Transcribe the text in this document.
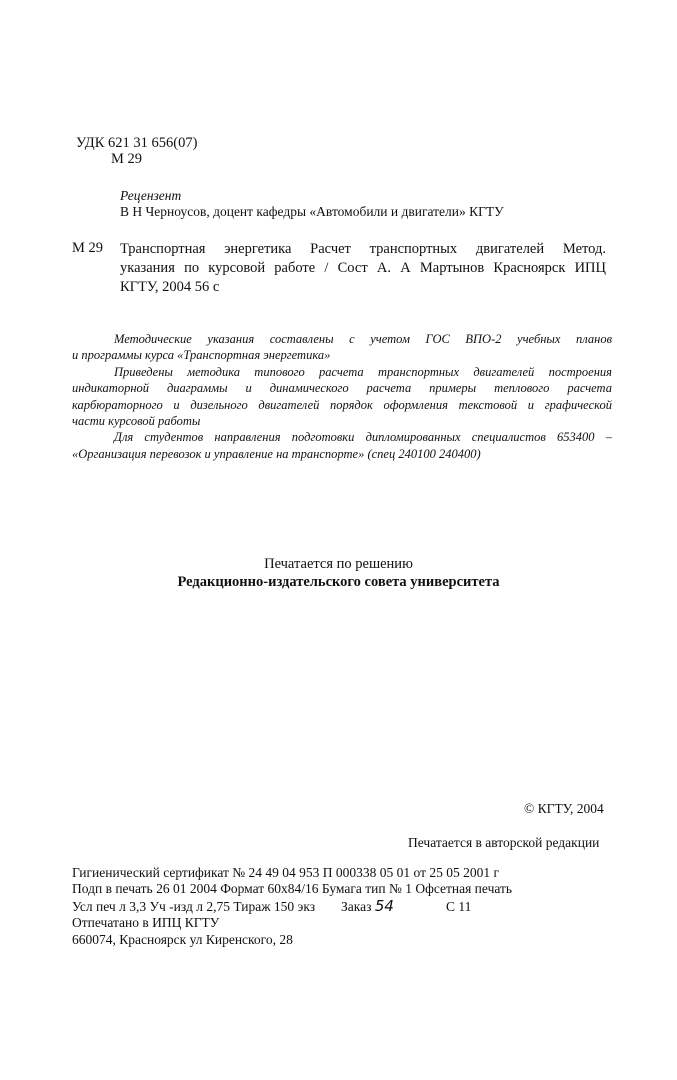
УДК 621 31 656(07)
М 29
Рецензент
В Н Черноусов, доцент кафедры «Автомобили и двигатели» КГТУ
М 29 Транспортная энергетика Расчет транспортных двигателей Метод.
указания по курсовой работе / Сост А. А Мартынов Красноярск ИПЦ
КГТУ, 2004 56 с
Методические указания составлены с учетом ГОС ВПО-2 учебных планов
и программы курса «Транспортная энергетика»
Приведены методика типового расчета транспортных двигателей построения
индикаторной диаграммы и динамического расчета примеры теплового расчета
карбюраторного и дизельного двигателей порядок оформления текстовой и графической
части курсовой работы
Для студентов направления подготовки дипломированных специалистов 653400 –
«Организация перевозок и управление на транспорте» (спец 240100 240400)
Печатается по решению
Редакционно-издательского совета университета
© КГТУ, 2004
Печатается в авторской редакции
Гигиенический сертификат № 24 49 04 953 П 000338 05 01 от 25 05 2001 г
Подп в печать 26 01 2004 Формат 60х84/16 Бумага тип № 1 Офсетная печать
Усл печ л 3,3 Уч -изд л 2,75 Тираж 150 экз Заказ 54	С 11
Отпечатано в ИПЦ КГТУ
660074, Красноярск ул Киренского, 28
